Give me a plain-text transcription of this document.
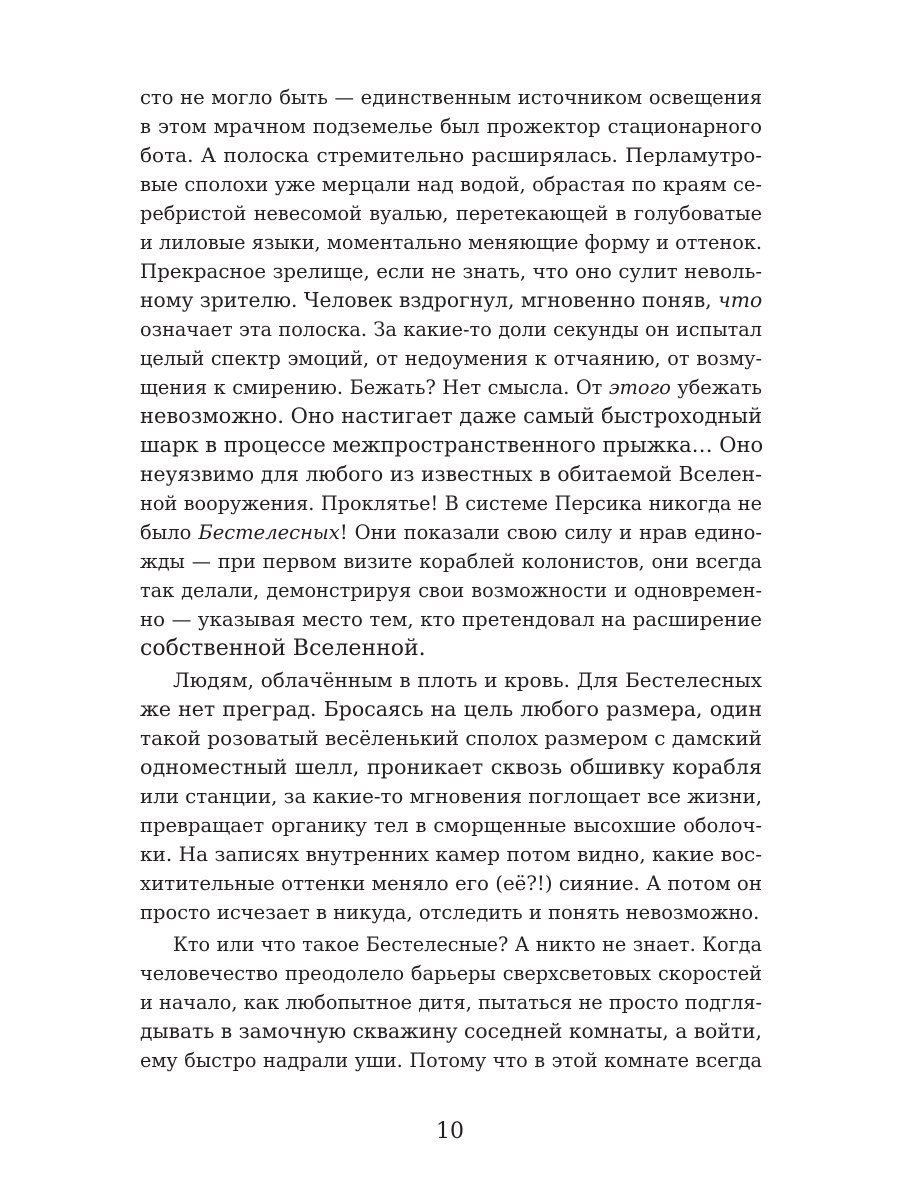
сто не могло быть — единственным источником освещения
в этом мрачном подземелье был прожектор стационарного
бота. А полоска стремительно расширялась. Перламутро-
вые сполохи уже мерцали над водой, обрастая по краям се-
ребристой невесомой вуалью, перетекающей в голубоватые
и лиловые языки, моментально меняющие форму и оттенок.
Прекрасное зрелище, если не знать, что оно сулит неволь-
ному зрителю. Человек вздрогнул, мгновенно поняв, что
означает эта полоска. За какие-то доли секунды он испытал
целый спектр эмоций, от недоумения к отчаянию, от возму-
щения к смирению. Бежать? Нет смысла. От этого убежать
невозможно. Оно настигает даже самый быстроходный
шарк в процессе межпространственного прыжка… Оно
неуязвимо для любого из известных в обитаемой Вселен-
ной вооружения. Проклятье! В системе Персика никогда не
было Бестелесных! Они показали свою силу и нрав едино-
жды — при первом визите кораблей колонистов, они всегда
так делали, демонстрируя свои возможности и одновремен-
но — указывая место тем, кто претендовал на расширение
собственной Вселенной.
Людям, облачённым в плоть и кровь. Для Бестелесных
же нет преград. Бросаясь на цель любого размера, один
такой розоватый весёленький сполох размером с дамский
одноместный шелл, проникает сквозь обшивку корабля
или станции, за какие-то мгновения поглощает все жизни,
превращает органику тел в сморщенные высохшие оболоч-
ки. На записях внутренних камер потом видно, какие вос-
хитительные оттенки меняло его (её?!) сияние. А потом он
просто исчезает в никуда, отследить и понять невозможно.
Кто или что такое Бестелесные? А никто не знает. Когда
человечество преодолело барьеры сверхсветовых скоростей
и начало, как любопытное дитя, пытаться не просто подгля-
дывать в замочную скважину соседней комнаты, а войти,
ему быстро надрали уши. Потому что в этой комнате всегда
10
